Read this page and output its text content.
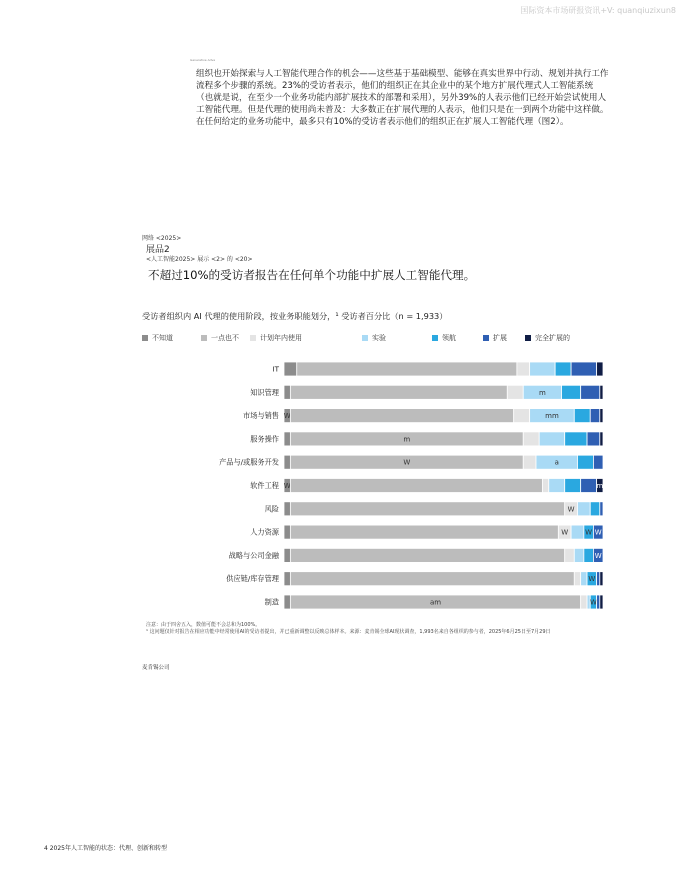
国际资本市场研报资讯+V: quanqiuzixun8
Generative Adva

组织也开始探索与人工智能代理合作的机会——这些基于基础模型、能够在真实世界中行动、规划并执行工作流程多个步骤的系统。23%的受访者表示，他们的组织正在其企业中的某个地方扩展代理式人工智能系统（也就是说，在至少一个业务功能内部扩展技术的部署和采用），另外39%的人表示他们已经开始尝试使用人工智能代理。但是代理的使用尚未普及：大多数正在扩展代理的人表示，他们只是在一到两个功能中这样做。在任何给定的业务功能中，最多只有10%的受访者表示他们的组织正在扩展人工智能代理（图2）。

网络 <2025>
展品2
<人工智能2025> 展示 <2> 的 <20>
不超过10%的受访者报告在任何单个功能中扩展人工智能代理。
受访者组织内 AI 代理的使用阶段，按业务职能划分，¹ 受访者百分比（n = 1,933）
不知道	一点也不	计划年内使用	实验	领航	扩展	完全扩展的
IT
知识管理	m
市场与销售 W	mm
服务操作	m
产品与/或服务开发	W	a
软件工程 W	m
风险	W
人力资源	W W W
战略与公司金融	W
供应链/库存管理	W
制造	am	W
注意：由于四舍五入，数值可能不会总和为100%。
¹ 这问题仅针对报告在相应功能中经常使用AI的受访者提出，并已重新调整以反映总体样本。来源：麦肯锡全球AI现状调查，1,993名来自各组织的参与者，2025年6月25日至7月29日
麦肯锡公司
4 2025年人工智能的状态：代理、创新和转型
